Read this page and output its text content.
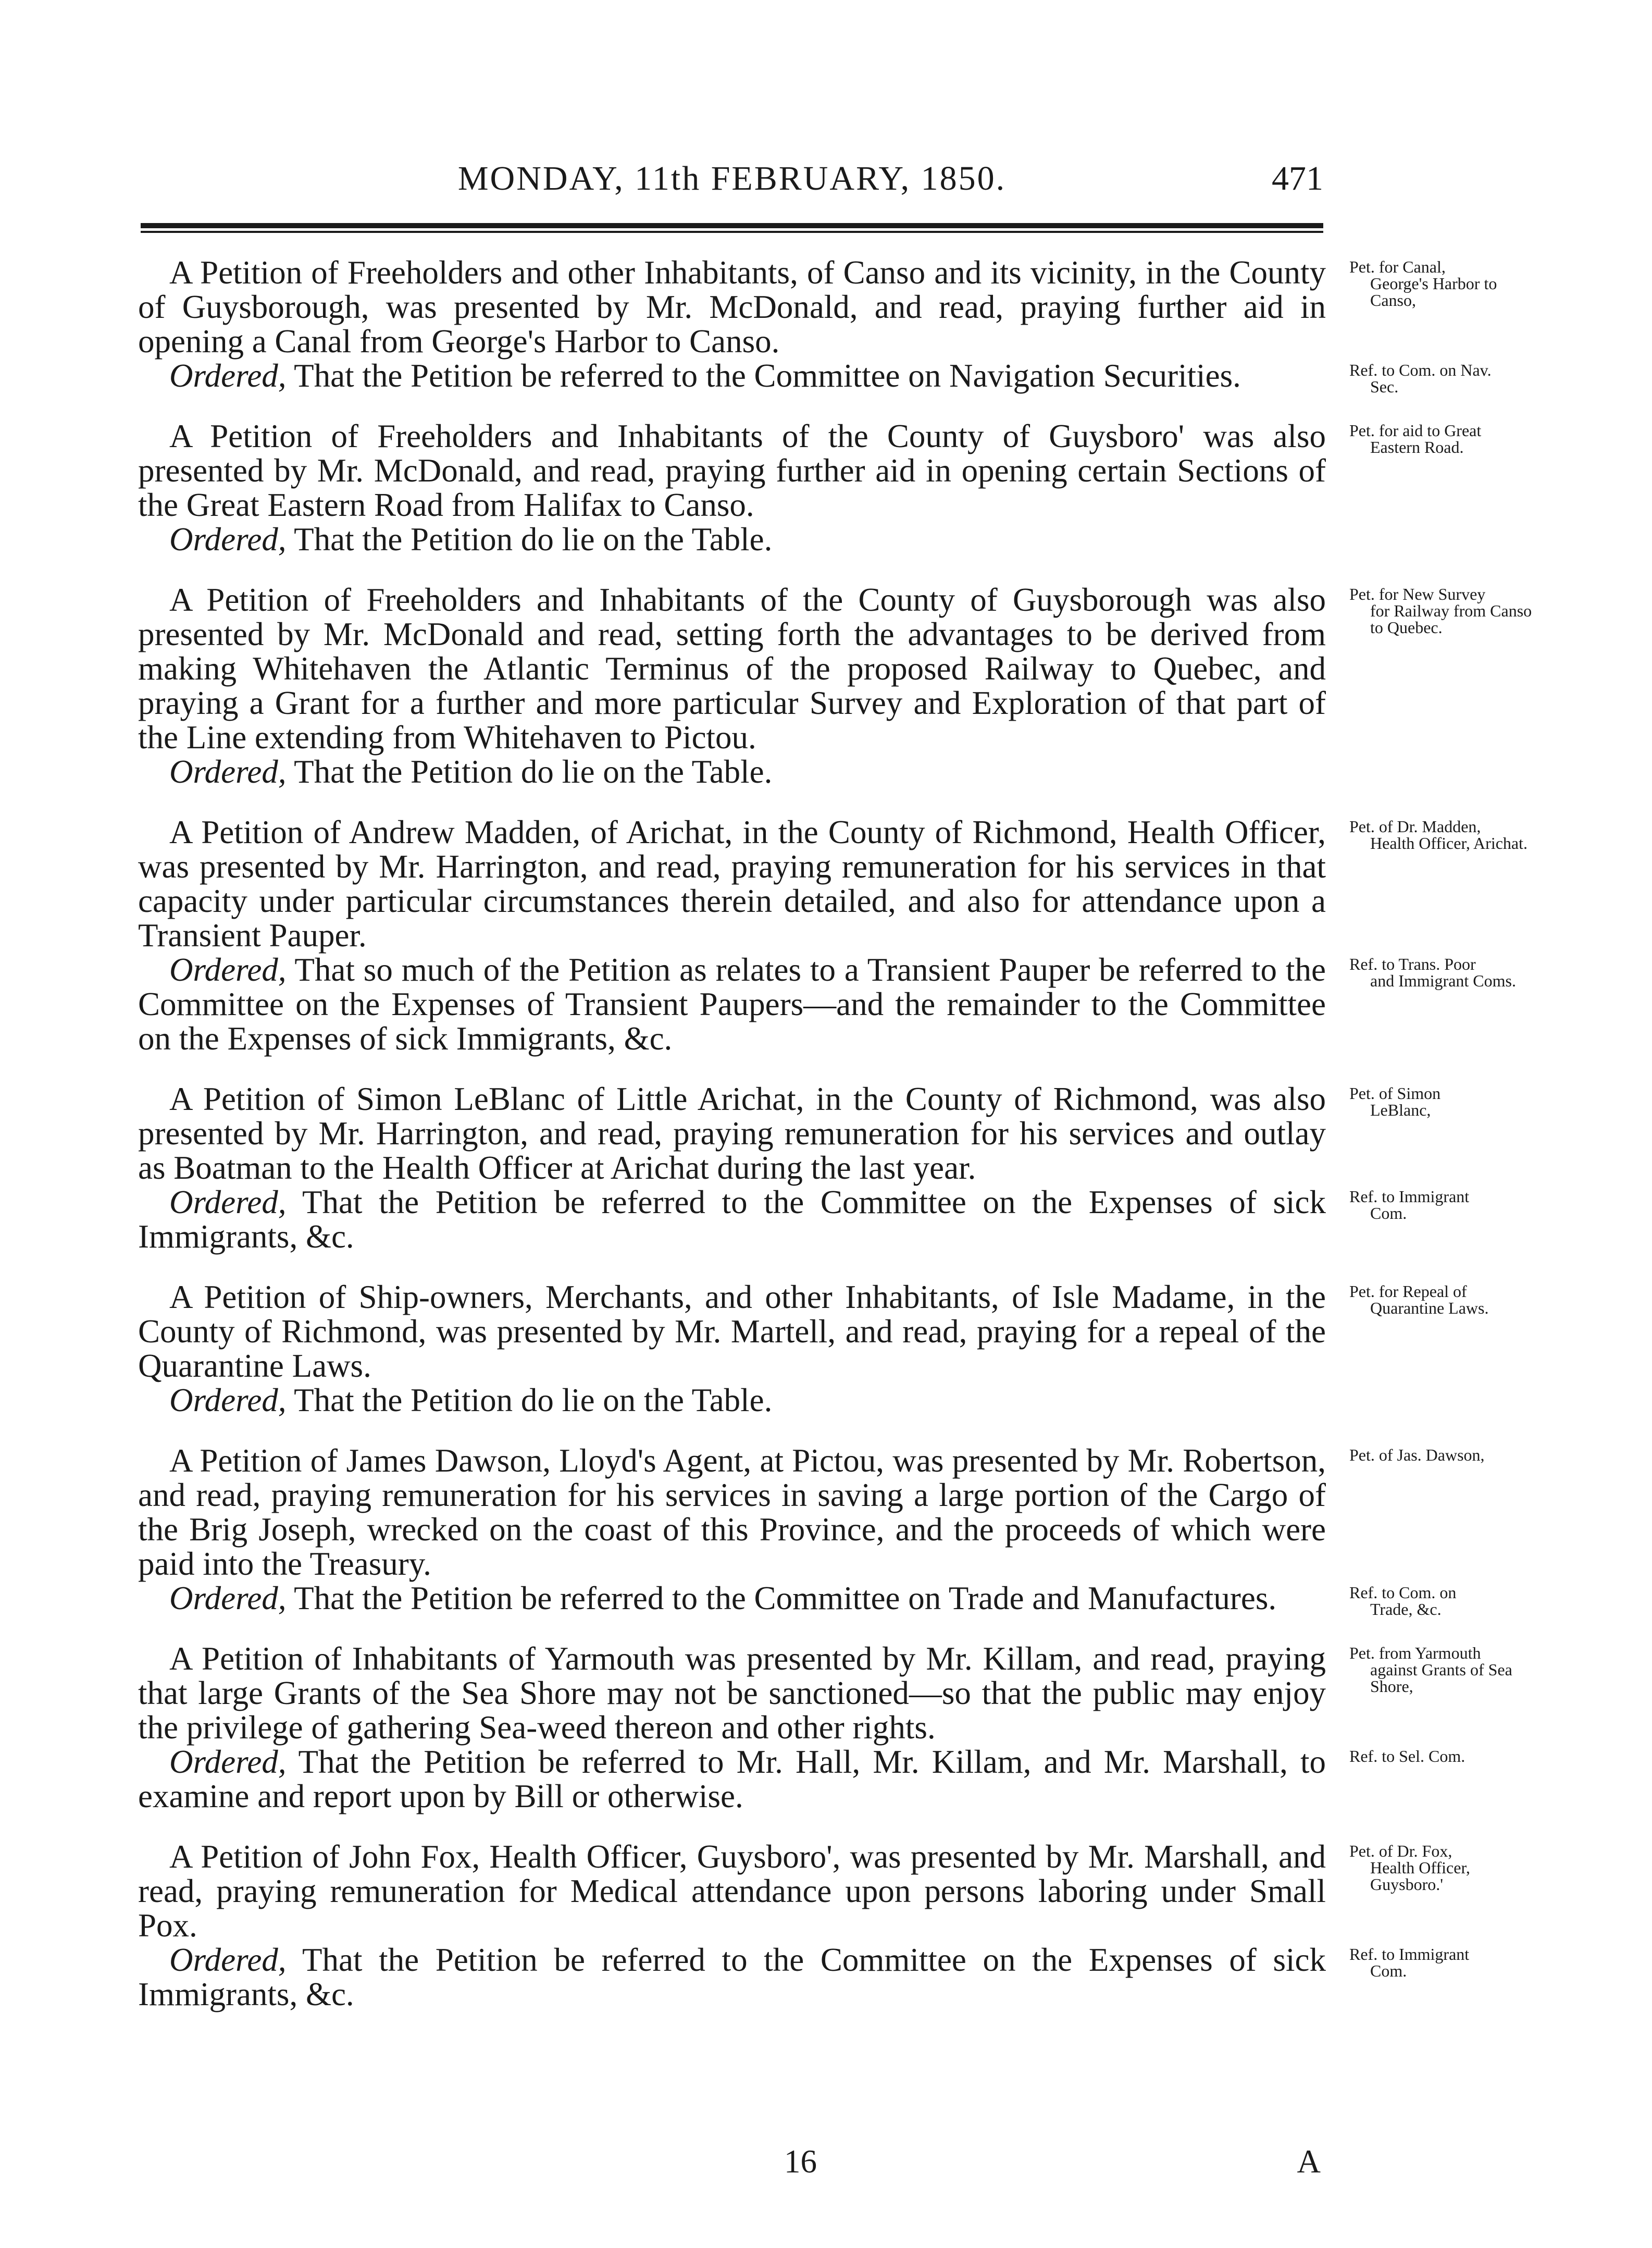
MONDAY, 11th FEBRUARY, 1850.	471

A Petition of Freeholders and other Inhabitants, of Canso and its vicinity, in the County of Guysborough, was presented by Mr. McDonald, and read, praying further aid in opening a Canal from George's Harbor to Canso.

Ordered, That the Petition be referred to the Committee on Navigation Securities.

A Petition of Freeholders and Inhabitants of the County of Guysboro' was also presented by Mr. McDonald, and read, praying further aid in opening certain Sections of the Great Eastern Road from Halifax to Canso.

Ordered, That the Petition do lie on the Table.

A Petition of Freeholders and Inhabitants of the County of Guysborough was also presented by Mr. McDonald and read, setting forth the advantages to be derived from making Whitehaven the Atlantic Terminus of the proposed Railway to Quebec, and praying a Grant for a further and more particular Survey and Exploration of that part of the Line extending from Whitehaven to Pictou.

Ordered, That the Petition do lie on the Table.

A Petition of Andrew Madden, of Arichat, in the County of Richmond, Health Officer, was presented by Mr. Harrington, and read, praying remuneration for his services in that capacity under particular circumstances therein detailed, and also for attendance upon a Transient Pauper.

Ordered, That so much of the Petition as relates to a Transient Pauper be referred to the Committee on the Expenses of Transient Paupers—and the remainder to the Committee on the Expenses of sick Immigrants, &c.

A Petition of Simon LeBlanc of Little Arichat, in the County of Richmond, was also presented by Mr. Harrington, and read, praying remuneration for his services and outlay as Boatman to the Health Officer at Arichat during the last year.

Ordered, That the Petition be referred to the Committee on the Expenses of sick Immigrants, &c.

A Petition of Ship-owners, Merchants, and other Inhabitants, of Isle Madame, in the County of Richmond, was presented by Mr. Martell, and read, praying for a repeal of the Quarantine Laws.

Ordered, That the Petition do lie on the Table.

A Petition of James Dawson, Lloyd's Agent, at Pictou, was presented by Mr. Robertson, and read, praying remuneration for his services in saving a large portion of the Cargo of the Brig Joseph, wrecked on the coast of this Province, and the proceeds of which were paid into the Treasury.

Ordered, That the Petition be referred to the Committee on Trade and Manufactures.

A Petition of Inhabitants of Yarmouth was presented by Mr. Killam, and read, praying that large Grants of the Sea Shore may not be sanctioned—so that the public may enjoy the privilege of gathering Sea-weed thereon and other rights.

Ordered, That the Petition be referred to Mr. Hall, Mr. Killam, and Mr. Marshall, to examine and report upon by Bill or otherwise.

A Petition of John Fox, Health Officer, Guysboro', was presented by Mr. Marshall, and read, praying remuneration for Medical attendance upon persons laboring under Small Pox.

Ordered, That the Petition be referred to the Committee on the Expenses of sick Immigrants, &c.

Pet. for Canal,
George's Harbor to Canso,
Ref. to Com. on Nav.
Sec.
Pet. for aid to Great
Eastern Road.
Pet. for New Survey
for Railway from Canso to Quebec.
Pet. of Dr. Madden,
Health Officer, Arichat.
Ref. to Trans. Poor
and Immigrant Coms.
Pet. of Simon
LeBlanc,
Ref. to Immigrant
Com.
Pet. for Repeal of
Quarantine Laws.
Pet. of Jas. Dawson,
Ref. to Com. on
Trade, &c.
Pet. from Yarmouth
against Grants of Sea Shore,
Ref. to Sel. Com.
Pet. of Dr. Fox,
Health Officer, Guysboro.'
Ref. to Immigrant
Com.
16	A
